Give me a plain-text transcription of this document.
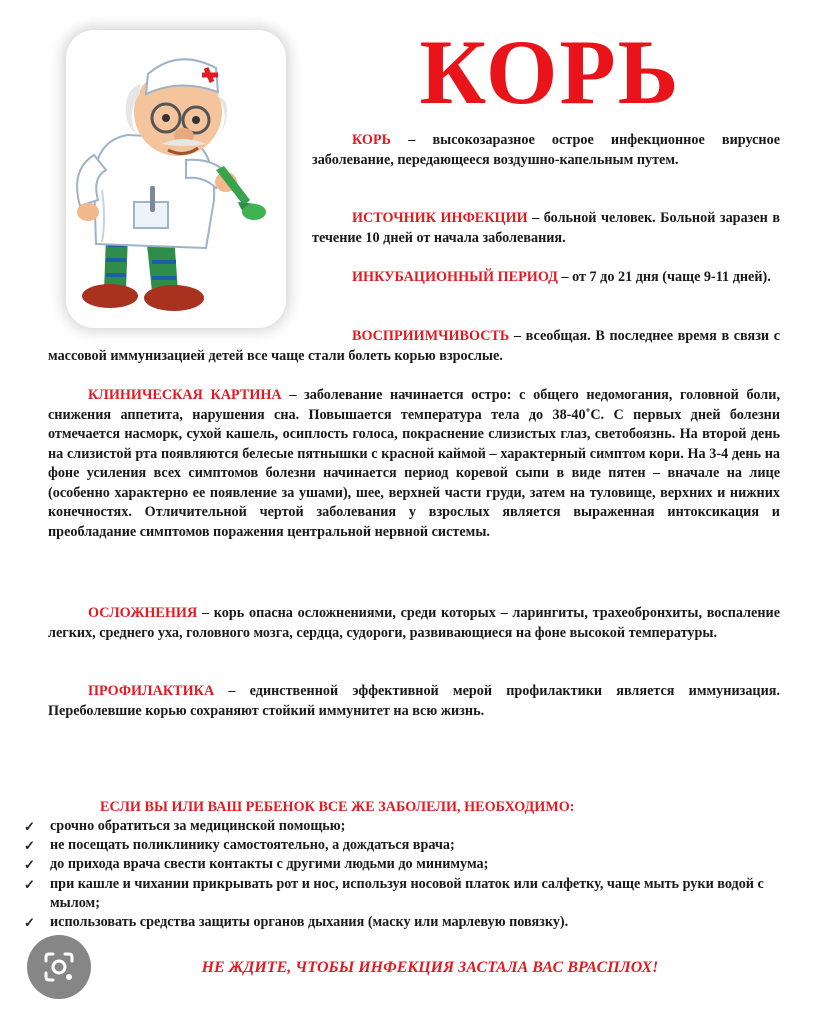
КОРЬ

КОРЬ – высокозаразное острое инфекционное вирусное заболевание, передающееся воздушно-капельным путем.

ИСТОЧНИК ИНФЕКЦИИ – больной человек. Больной заразен в течение 10 дней от начала заболевания.

ИНКУБАЦИОННЫЙ ПЕРИОД – от 7 до 21 дня (чаще 9-11 дней).

ВОСПРИИМЧИВОСТЬ – всеобщая. В последнее время в связи с массовой иммунизацией детей все чаще стали болеть корью взрослые.

КЛИНИЧЕСКАЯ КАРТИНА – заболевание начинается остро: с общего недомогания, головной боли, снижения аппетита, нарушения сна. Повышается температура тела до 38-40˚С. С первых дней болезни отмечается насморк, сухой кашель, осиплость голоса, покраснение слизистых глаз, светобоязнь. На второй день на слизистой рта появляются белесые пятнышки с красной каймой – характерный симптом кори. На 3-4 день на фоне усиления всех симптомов болезни начинается период коревой сыпи в виде пятен – вначале на лице (особенно характерно ее появление за ушами), шее, верхней части груди, затем на туловище, верхних и нижних конечностях. Отличительной чертой заболевания у взрослых является выраженная интоксикация и преобладание симптомов поражения центральной нервной системы.

ОСЛОЖНЕНИЯ – корь опасна осложнениями, среди которых – ларингиты, трахеобронхиты, воспаление легких, среднего уха, головного мозга, сердца, судороги, развивающиеся на фоне высокой температуры.

ПРОФИЛАКТИКА – единственной эффективной мерой профилактики является иммунизация. Переболевшие корью сохраняют стойкий иммунитет на всю жизнь.

ЕСЛИ ВЫ ИЛИ ВАШ РЕБЕНОК ВСЕ ЖЕ ЗАБОЛЕЛИ, НЕОБХОДИМО:
✓ срочно обратиться за медицинской помощью;
✓ не посещать поликлинику самостоятельно, а дождаться врача;
✓ до прихода врача свести контакты с другими людьми до минимума;
✓ при кашле и чихании прикрывать рот и нос, используя носовой платок или салфетку, чаще мыть руки водой с мылом;
✓ использовать средства защиты органов дыхания (маску или марлевую повязку).
НЕ ЖДИТЕ, ЧТОБЫ ИНФЕКЦИЯ ЗАСТАЛА ВАС ВРАСПЛОХ!
